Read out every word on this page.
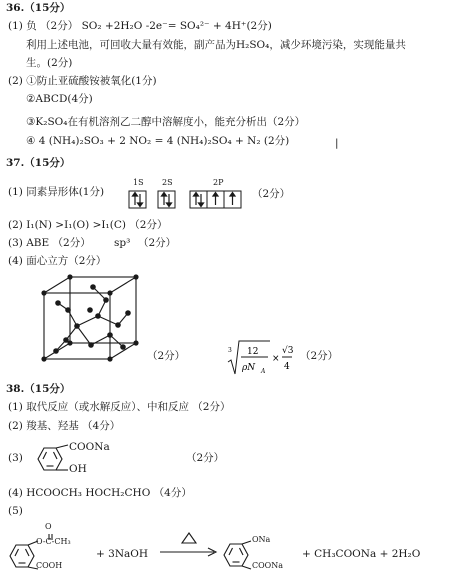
36.（15分）
(1) 负 （2分） SO₂ +2H₂O -2e⁻= SO₄²⁻ + 4H⁺(2分)
利用上述电池，可回收大量有效能，副产品为H₂SO₄，减少环境污染，实现能量共
生。(2分)
(2) ①防止亚硫酸铵被氧化(1分)
②ABCD(4分)
③K₂SO₄在有机溶剂乙二醇中溶解度小，能充分析出（2分）
④ 4 (NH₄)₂SO₃ + 2 NO₂ = 4 (NH₄)₂SO₄ + N₂ (2分)	|
37.（15分）
1S 2S	2P
(1) 同素异形体(1分)	（2分）
(2) I₁(N) >I₁(O) >I₁(C) （2分）
(3) ABE （2分） sp³ （2分）
(4) 面心立方（2分）
（2分）	3 12
ρN A
×
√3
4
（2分）
38.（15分）
(1) 取代反应（或水解反应）、中和反应 （2分）
(2) 羧基、羟基 （4分）
(3)
COONa
OH
（2分）
(4) HCOOCH₃ HOCH₂CHO （4分）
(5)
O
O-C-CH₃
COOH
+ 3NaOH
ONa
COONa
+ CH₃COONa + 2H₂O
